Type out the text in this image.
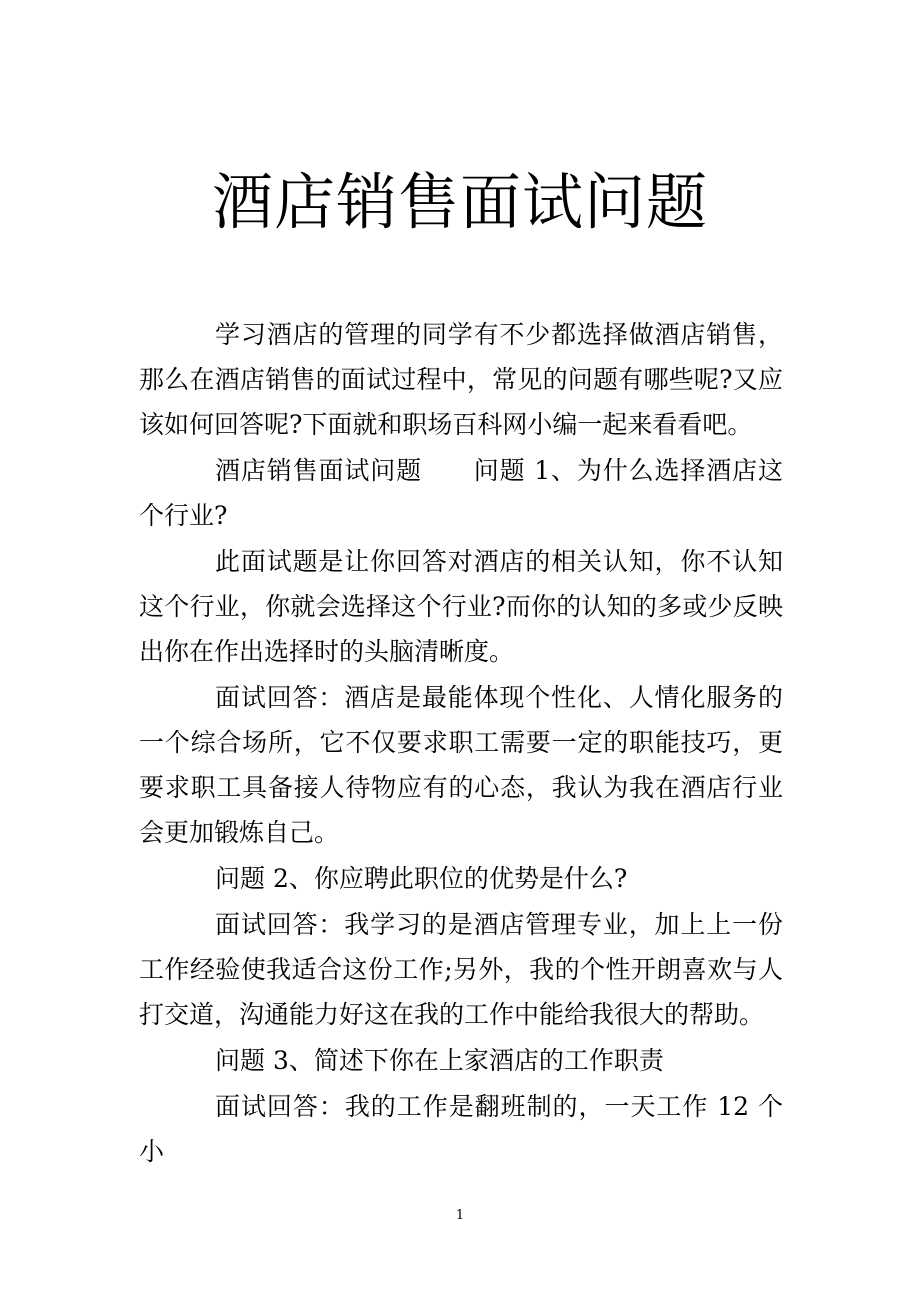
酒店销售面试问题

学习酒店的管理的同学有不少都选择做酒店销售，那么在酒店销售的面试过程中，常见的问题有哪些呢?又应该如何回答呢?下面就和职场百科网小编一起来看看吧。

酒店销售面试问题　　问题 1、为什么选择酒店这个行业?

此面试题是让你回答对酒店的相关认知，你不认知这个行业，你就会选择这个行业?而你的认知的多或少反映出你在作出选择时的头脑清晰度。

面试回答：酒店是最能体现个性化、人情化服务的一个综合场所，它不仅要求职工需要一定的职能技巧，更要求职工具备接人待物应有的心态，我认为我在酒店行业会更加锻炼自己。

问题 2、你应聘此职位的优势是什么?

面试回答：我学习的是酒店管理专业，加上上一份工作经验使我适合这份工作;另外，我的个性开朗喜欢与人打交道，沟通能力好这在我的工作中能给我很大的帮助。

问题 3、简述下你在上家酒店的工作职责

面试回答：我的工作是翻班制的，一天工作 12 个小

1
